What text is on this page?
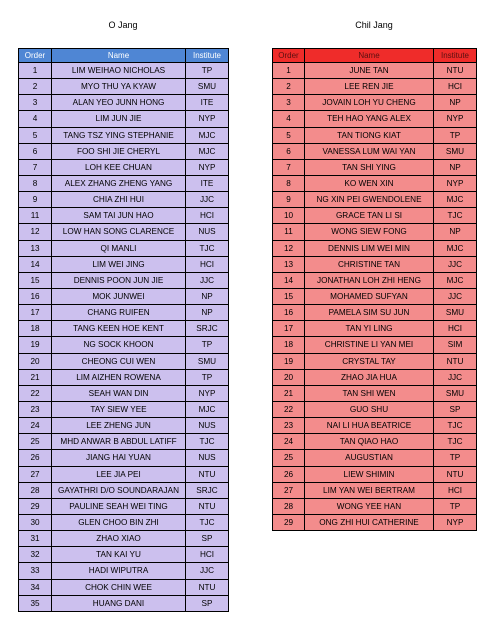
O Jang	Chil Jang
Order	Name	Institute
1	LIM WEIHAO NICHOLAS	TP
2	MYO THU YA KYAW	SMU
3	ALAN YEO JUNN HONG	ITE
4	LIM JUN JIE	NYP
5	TANG TSZ YING STEPHANIE	MJC
6	FOO SHI JIE CHERYL	MJC
7	LOH KEE CHUAN	NYP
8	ALEX ZHANG ZHENG YANG	ITE
9	CHIA ZHI HUI	JJC
11	SAM TAI JUN HAO	HCI
12	LOW HAN SONG CLARENCE	NUS
13	QI MANLI	TJC
14	LIM WEI JING	HCI
15	DENNIS POON JUN JIE	JJC
16	MOK JUNWEI	NP
17	CHANG RUIFEN	NP
18	TANG KEEN HOE KENT	SRJC
19	NG SOCK KHOON	TP
20	CHEONG CUI WEN	SMU
21	LIM AIZHEN ROWENA	TP
22	SEAH WAN DIN	NYP
23	TAY SIEW YEE	MJC
24	LEE ZHENG JUN	NUS
25	MHD ANWAR B ABDUL LATIFF	TJC
26	JIANG HAI YUAN	NUS
27	LEE JIA PEI	NTU
28	GAYATHRI D/O SOUNDARAJAN	SRJC
29	PAULINE SEAH WEI TING	NTU
30	GLEN CHOO BIN ZHI	TJC
31	ZHAO XIAO	SP
32	TAN KAI YU	HCI
33	HADI WIPUTRA	JJC
34	CHOK CHIN WEE	NTU
35	HUANG DANI	SP
Order	Name	Institute
1	JUNE TAN	NTU
2	LEE REN JIE	HCI
3	JOVAIN LOH YU CHENG	NP
4	TEH HAO YANG ALEX	NYP
5	TAN TIONG KIAT	TP
6	VANESSA LUM WAI YAN	SMU
7	TAN SHI YING	NP
8	KO WEN XIN	NYP
9	NG XIN PEI GWENDOLENE	MJC
10	GRACE TAN LI SI	TJC
11	WONG SIEW FONG	NP
12	DENNIS LIM WEI MIN	MJC
13	CHRISTINE TAN	JJC
14	JONATHAN LOH ZHI HENG	MJC
15	MOHAMED SUFYAN	JJC
16	PAMELA SIM SU JUN	SMU
17	TAN YI LING	HCI
18	CHRISTINE LI YAN MEI	SIM
19	CRYSTAL TAY	NTU
20	ZHAO JIA HUA	JJC
21	TAN SHI WEN	SMU
22	GUO SHU	SP
23	NAI LI HUA BEATRICE	TJC
24	TAN QIAO HAO	TJC
25	AUGUSTIAN	TP
26	LIEW SHIMIN	NTU
27	LIM YAN WEI BERTRAM	HCI
28	WONG YEE HAN	TP
29	ONG ZHI HUI CATHERINE	NYP
